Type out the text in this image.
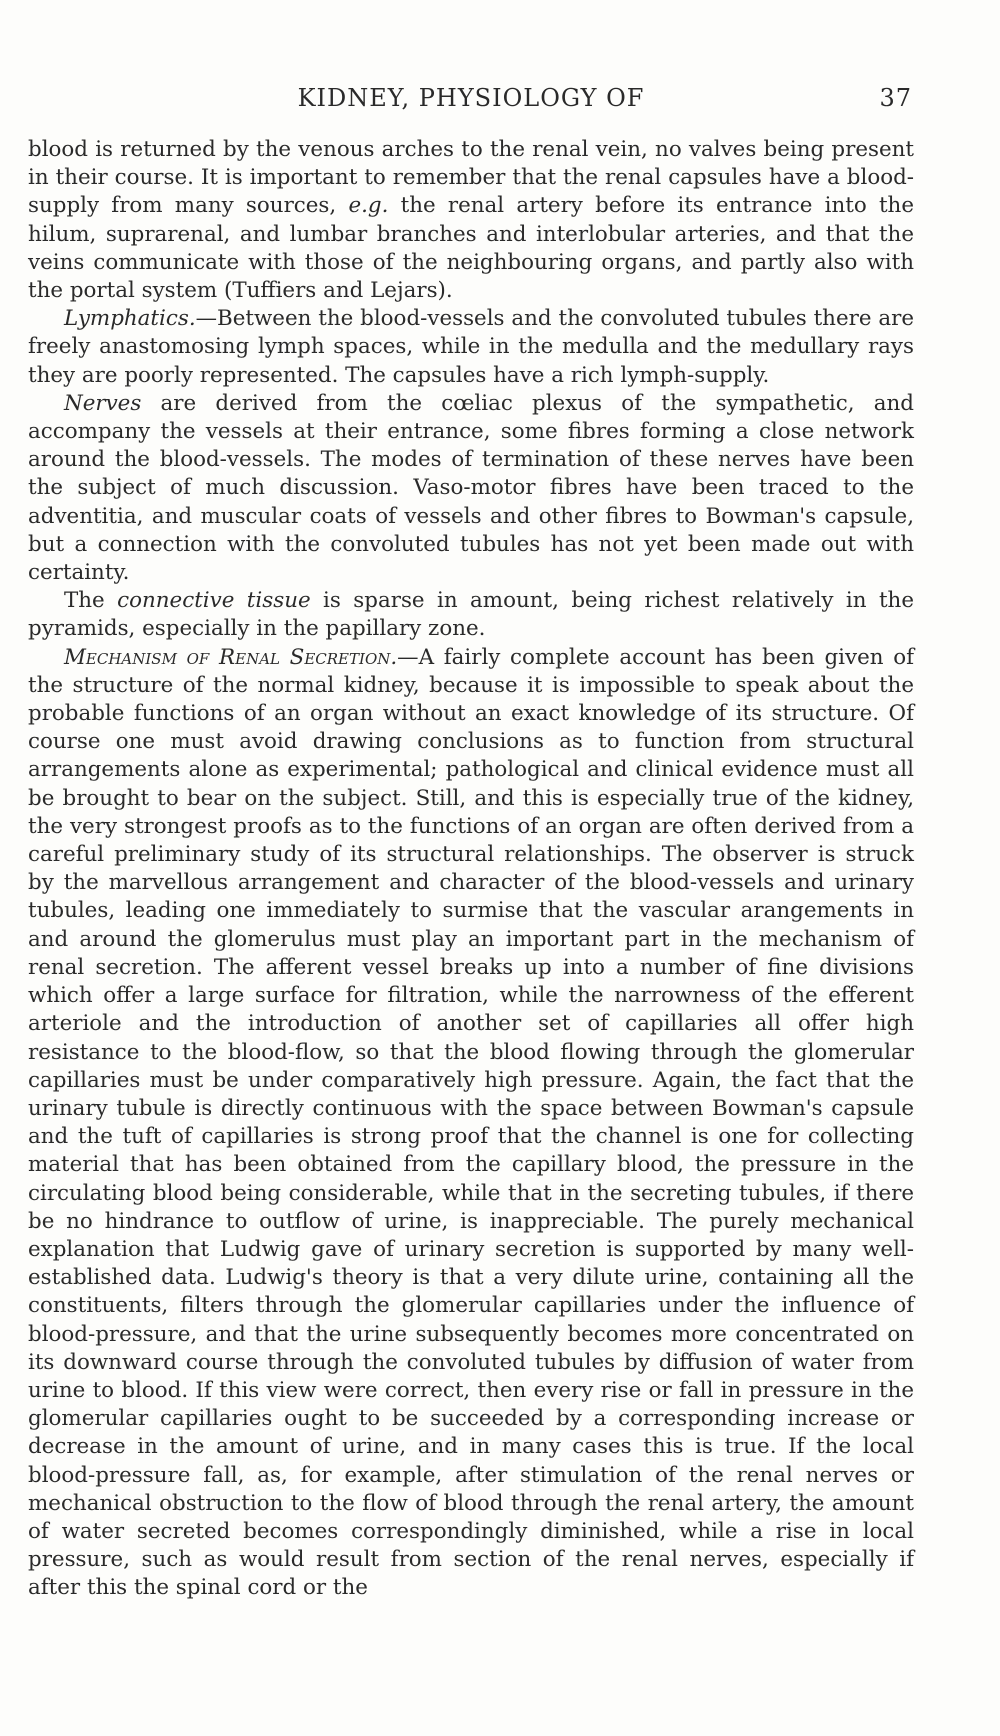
KIDNEY, PHYSIOLOGY OF	37

blood is returned by the venous arches to the renal vein, no valves being present in their course. It is important to remember that the renal capsules have a blood-supply from many sources, e.g. the renal artery before its entrance into the hilum, suprarenal, and lumbar branches and interlobular arteries, and that the veins communicate with those of the neighbouring organs, and partly also with the portal system (Tuffiers and Lejars).

Lymphatics.—Between the blood-vessels and the convoluted tubules there are freely anastomosing lymph spaces, while in the medulla and the medullary rays they are poorly represented. The capsules have a rich lymph-supply.

Nerves are derived from the cœliac plexus of the sympathetic, and accompany the vessels at their entrance, some fibres forming a close network around the blood-vessels. The modes of termination of these nerves have been the subject of much discussion. Vaso-motor fibres have been traced to the adventitia, and muscular coats of vessels and other fibres to Bowman's capsule, but a connection with the convoluted tubules has not yet been made out with certainty.

The connective tissue is sparse in amount, being richest relatively in the pyramids, especially in the papillary zone.

Mechanism of Renal Secretion.—A fairly complete account has been given of the structure of the normal kidney, because it is impossible to speak about the probable functions of an organ without an exact knowledge of its structure. Of course one must avoid drawing conclusions as to function from structural arrangements alone as experimental; pathological and clinical evidence must all be brought to bear on the subject. Still, and this is especially true of the kidney, the very strongest proofs as to the functions of an organ are often derived from a careful preliminary study of its structural relationships. The observer is struck by the marvellous arrangement and character of the blood-vessels and urinary tubules, leading one immediately to surmise that the vascular arangements in and around the glomerulus must play an important part in the mechanism of renal secretion. The afferent vessel breaks up into a number of fine divisions which offer a large surface for filtration, while the narrowness of the efferent arteriole and the introduction of another set of capillaries all offer high resistance to the blood-flow, so that the blood flowing through the glomerular capillaries must be under comparatively high pressure. Again, the fact that the urinary tubule is directly continuous with the space between Bowman's capsule and the tuft of capillaries is strong proof that the channel is one for collecting material that has been obtained from the capillary blood, the pressure in the circulating blood being considerable, while that in the secreting tubules, if there be no hindrance to outflow of urine, is inappreciable. The purely mechanical explanation that Ludwig gave of urinary secretion is supported by many well-established data. Ludwig's theory is that a very dilute urine, containing all the constituents, filters through the glomerular capillaries under the influence of blood-pressure, and that the urine subsequently becomes more concentrated on its downward course through the convoluted tubules by diffusion of water from urine to blood. If this view were correct, then every rise or fall in pressure in the glomerular capillaries ought to be succeeded by a corresponding increase or decrease in the amount of urine, and in many cases this is true. If the local blood-pressure fall, as, for example, after stimulation of the renal nerves or mechanical obstruction to the flow of blood through the renal artery, the amount of water secreted becomes correspondingly diminished, while a rise in local pressure, such as would result from section of the renal nerves, especially if after this the spinal cord or the
